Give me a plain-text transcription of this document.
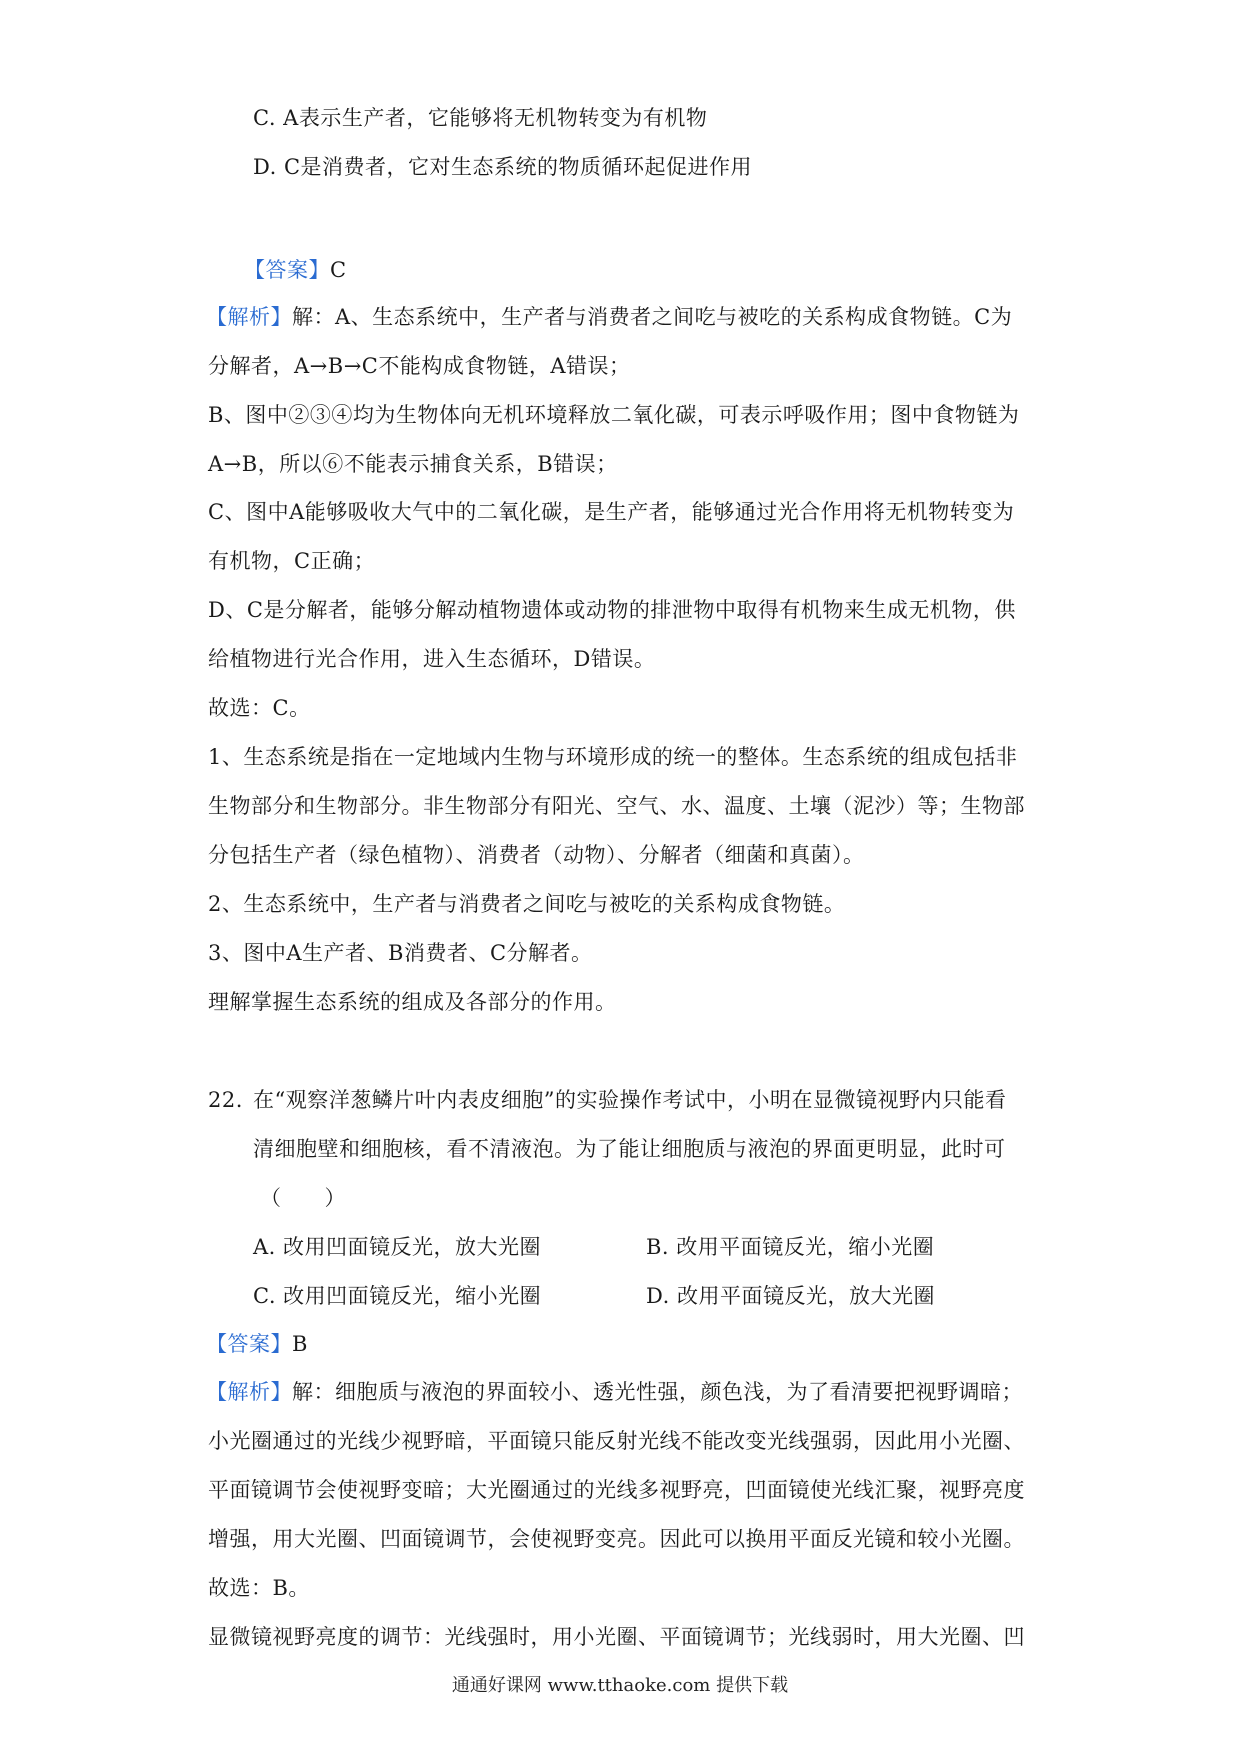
C. A表示生产者，它能够将无机物转变为有机物
D. C是消费者，它对生态系统的物质循环起促进作用
【答案】C
【解析】解：A、生态系统中，生产者与消费者之间吃与被吃的关系构成食物链。C为
分解者，A→B→C不能构成食物链，A错误；
B、图中②③④均为生物体向无机环境释放二氧化碳，可表示呼吸作用；图中食物链为
A→B，所以⑥不能表示捕食关系，B错误；
C、图中A能够吸收大气中的二氧化碳，是生产者，能够通过光合作用将无机物转变为
有机物，C正确；
D、C是分解者，能够分解动植物遗体或动物的排泄物中取得有机物来生成无机物，供
给植物进行光合作用，进入生态循环，D错误。
故选：C。
1、生态系统是指在一定地域内生物与环境形成的统一的整体。生态系统的组成包括非
生物部分和生物部分。非生物部分有阳光、空气、水、温度、土壤（泥沙）等；生物部
分包括生产者（绿色植物）、消费者（动物）、分解者（细菌和真菌）。
2、生态系统中，生产者与消费者之间吃与被吃的关系构成食物链。
3、图中A生产者、B消费者、C分解者。
理解掌握生态系统的组成及各部分的作用。
22. 在“观察洋葱鳞片叶内表皮细胞”的实验操作考试中，小明在显微镜视野内只能看
清细胞壁和细胞核，看不清液泡。为了能让细胞质与液泡的界面更明显，此时可
（　　）
A. 改用凹面镜反光，放大光圈	B. 改用平面镜反光，缩小光圈
C. 改用凹面镜反光，缩小光圈	D. 改用平面镜反光，放大光圈
【答案】B
【解析】解：细胞质与液泡的界面较小、透光性强，颜色浅，为了看清要把视野调暗；
小光圈通过的光线少视野暗，平面镜只能反射光线不能改变光线强弱，因此用小光圈、
平面镜调节会使视野变暗；大光圈通过的光线多视野亮，凹面镜使光线汇聚，视野亮度
增强，用大光圈、凹面镜调节，会使视野变亮。因此可以换用平面反光镜和较小光圈。
故选：B。
显微镜视野亮度的调节：光线强时，用小光圈、平面镜调节；光线弱时，用大光圈、凹
通通好课网 www.tthaoke.com 提供下载
